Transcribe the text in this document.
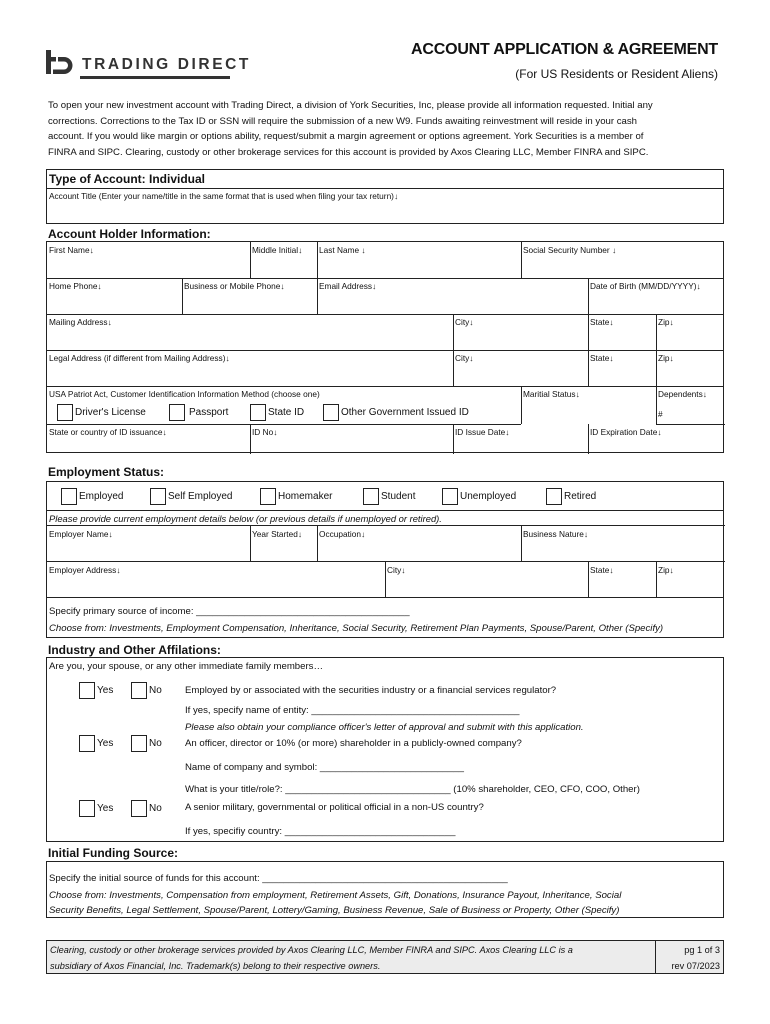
TRADING DIRECT
ACCOUNT APPLICATION & AGREEMENT
(For US Residents or Resident Aliens)
To open your new investment account with Trading Direct, a division of York Securities, Inc, please provide all information requested. Initial any
corrections. Corrections to the Tax ID or SSN will require the submission of a new W9. Funds awaiting reinvestment will reside in your cash
account. If you would like margin or options ability, request/submit a margin agreement or options agreement. York Securities is a member of
FINRA and SIPC. Clearing, custody or other brokerage services for this account is provided by Axos Clearing LLC, Member FINRA and SIPC.
Type of Account: Individual
Account Title (Enter your name/title in the same format that is used when filing your tax return)↓
Account Holder Information:
First Name↓	Middle Initial↓ Last Name ↓	Social Security Number ↓
Home Phone↓	Business or Mobile Phone↓	Email Address↓	Date of Birth (MM/DD/YYYY)↓
Mailing Address↓	City↓	State↓	Zip↓
Legal Address (if different from Mailing Address)↓	City↓	State↓	Zip↓
USA Patriot Act, Customer Identification Information Method (choose one)
Driver's License	Passport	State ID	Other Government Issued ID
Maritial Status↓	Dependents↓
#
State or country of ID issuance↓	ID No↓	ID Issue Date↓	ID Expiration Date↓
Employment Status:
Employed	Self Employed	Homemaker	Student	Unemployed	Retired
Please provide current employment details below (or previous details if unemployed or retired).
Employer Name↓	Year Started↓ Occupation↓	Business Nature↓
Employer Address↓	City↓	State↓	Zip↓
Specify primary source of income: ________________________________________
Choose from: Investments, Employment Compensation, Inheritance, Social Security, Retirement Plan Payments, Spouse/Parent, Other (Specify)
Industry and Other Affilations:
Are you, your spouse, or any other immediate family members…
Yes	No Employed by or associated with the securities industry or a financial services regulator?
If yes, specify name of entity: _______________________________________
Please also obtain your compliance officer's letter of approval and submit with this application.
Yes	No An officer, director or 10% (or more) shareholder in a publicly-owned company?
Name of company and symbol: ___________________________
What is your title/role?: _______________________________ (10% shareholder, CEO, CFO, COO, Other)
Yes	No A senior military, governmental or political official in a non-US country?
If yes, specifiy country: ________________________________
Initial Funding Source:
Specify the initial source of funds for this account: ______________________________________________
Choose from: Investments, Compensation from employment, Retirement Assets, Gift, Donations, Insurance Payout, Inheritance, Social
Security Benefits, Legal Settlement, Spouse/Parent, Lottery/Gaming, Business Revenue, Sale of Business or Property, Other (Specify)
Clearing, custody or other brokerage services provided by Axos Clearing LLC, Member FINRA and SIPC. Axos Clearing LLC is a
subsidiary of Axos Financial, Inc. Trademark(s) belong to their respective owners.
pg 1 of 3
rev 07/2023
